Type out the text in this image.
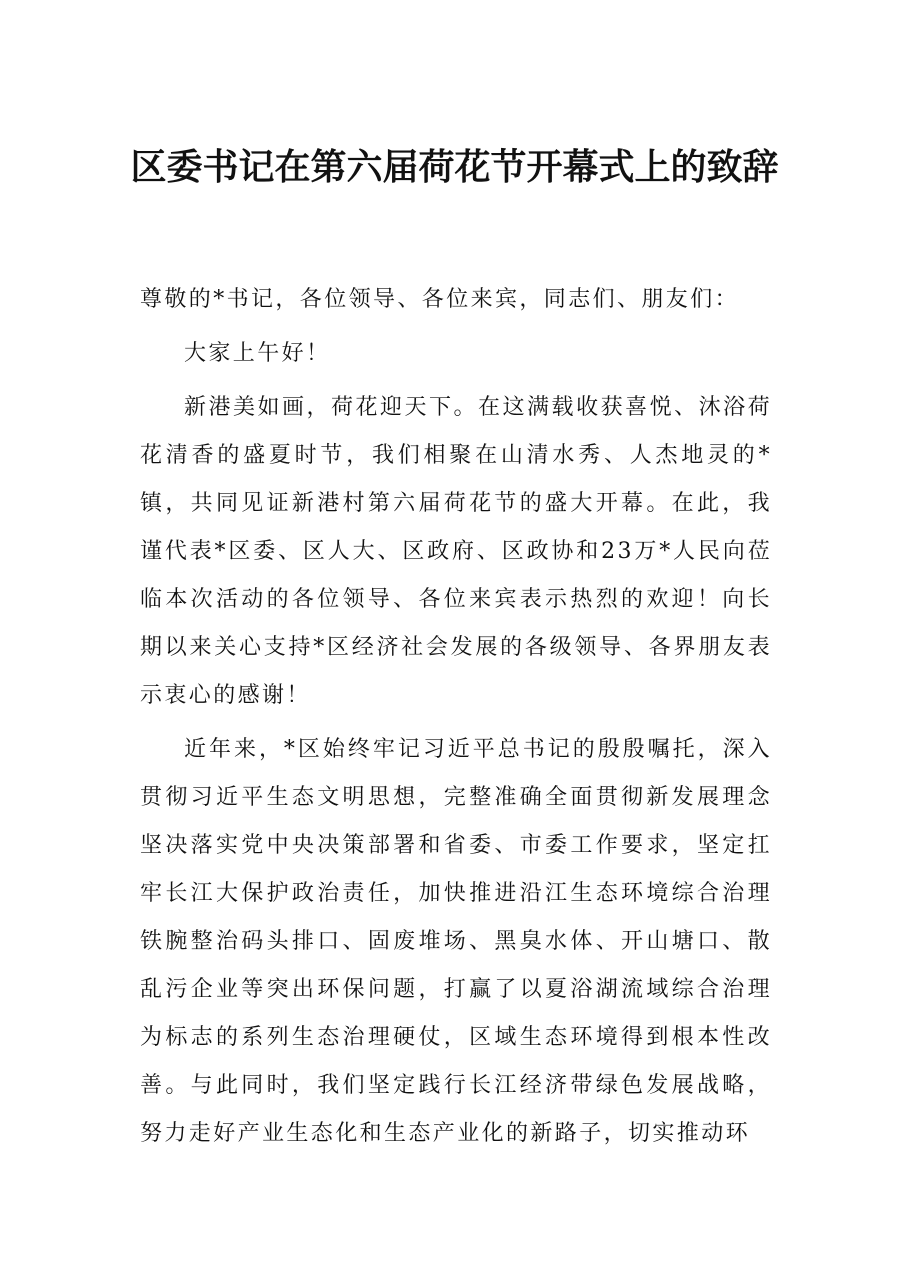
区委书记在第六届荷花节开幕式上的致辞

尊敬的*书记，各位领导、各位来宾，同志们、朋友们：

大家上午好！

新港美如画，荷花迎天下。在这满载收获喜悦、沐浴荷花清香的盛夏时节，我们相聚在山清水秀、人杰地灵的*镇，共同见证新港村第六届荷花节的盛大开幕。在此，我谨代表*区委、区人大、区政府、区政协和23万*人民向莅临本次活动的各位领导、各位来宾表示热烈的欢迎！向长期以来关心支持*区经济社会发展的各级领导、各界朋友表示衷心的感谢！

近年来，*区始终牢记习近平总书记的殷殷嘱托，深入贯彻习近平生态文明思想，完整准确全面贯彻新发展理念坚决落实党中央决策部署和省委、市委工作要求，坚定扛牢长江大保护政治责任，加快推进沿江生态环境综合治理铁腕整治码头排口、固废堆场、黑臭水体、开山塘口、散乱污企业等突出环保问题，打赢了以夏浴湖流域综合治理为标志的系列生态治理硬仗，区域生态环境得到根本性改善。与此同时，我们坚定践行长江经济带绿色发展战略，努力走好产业生态化和生态产业化的新路子，切实推动环
